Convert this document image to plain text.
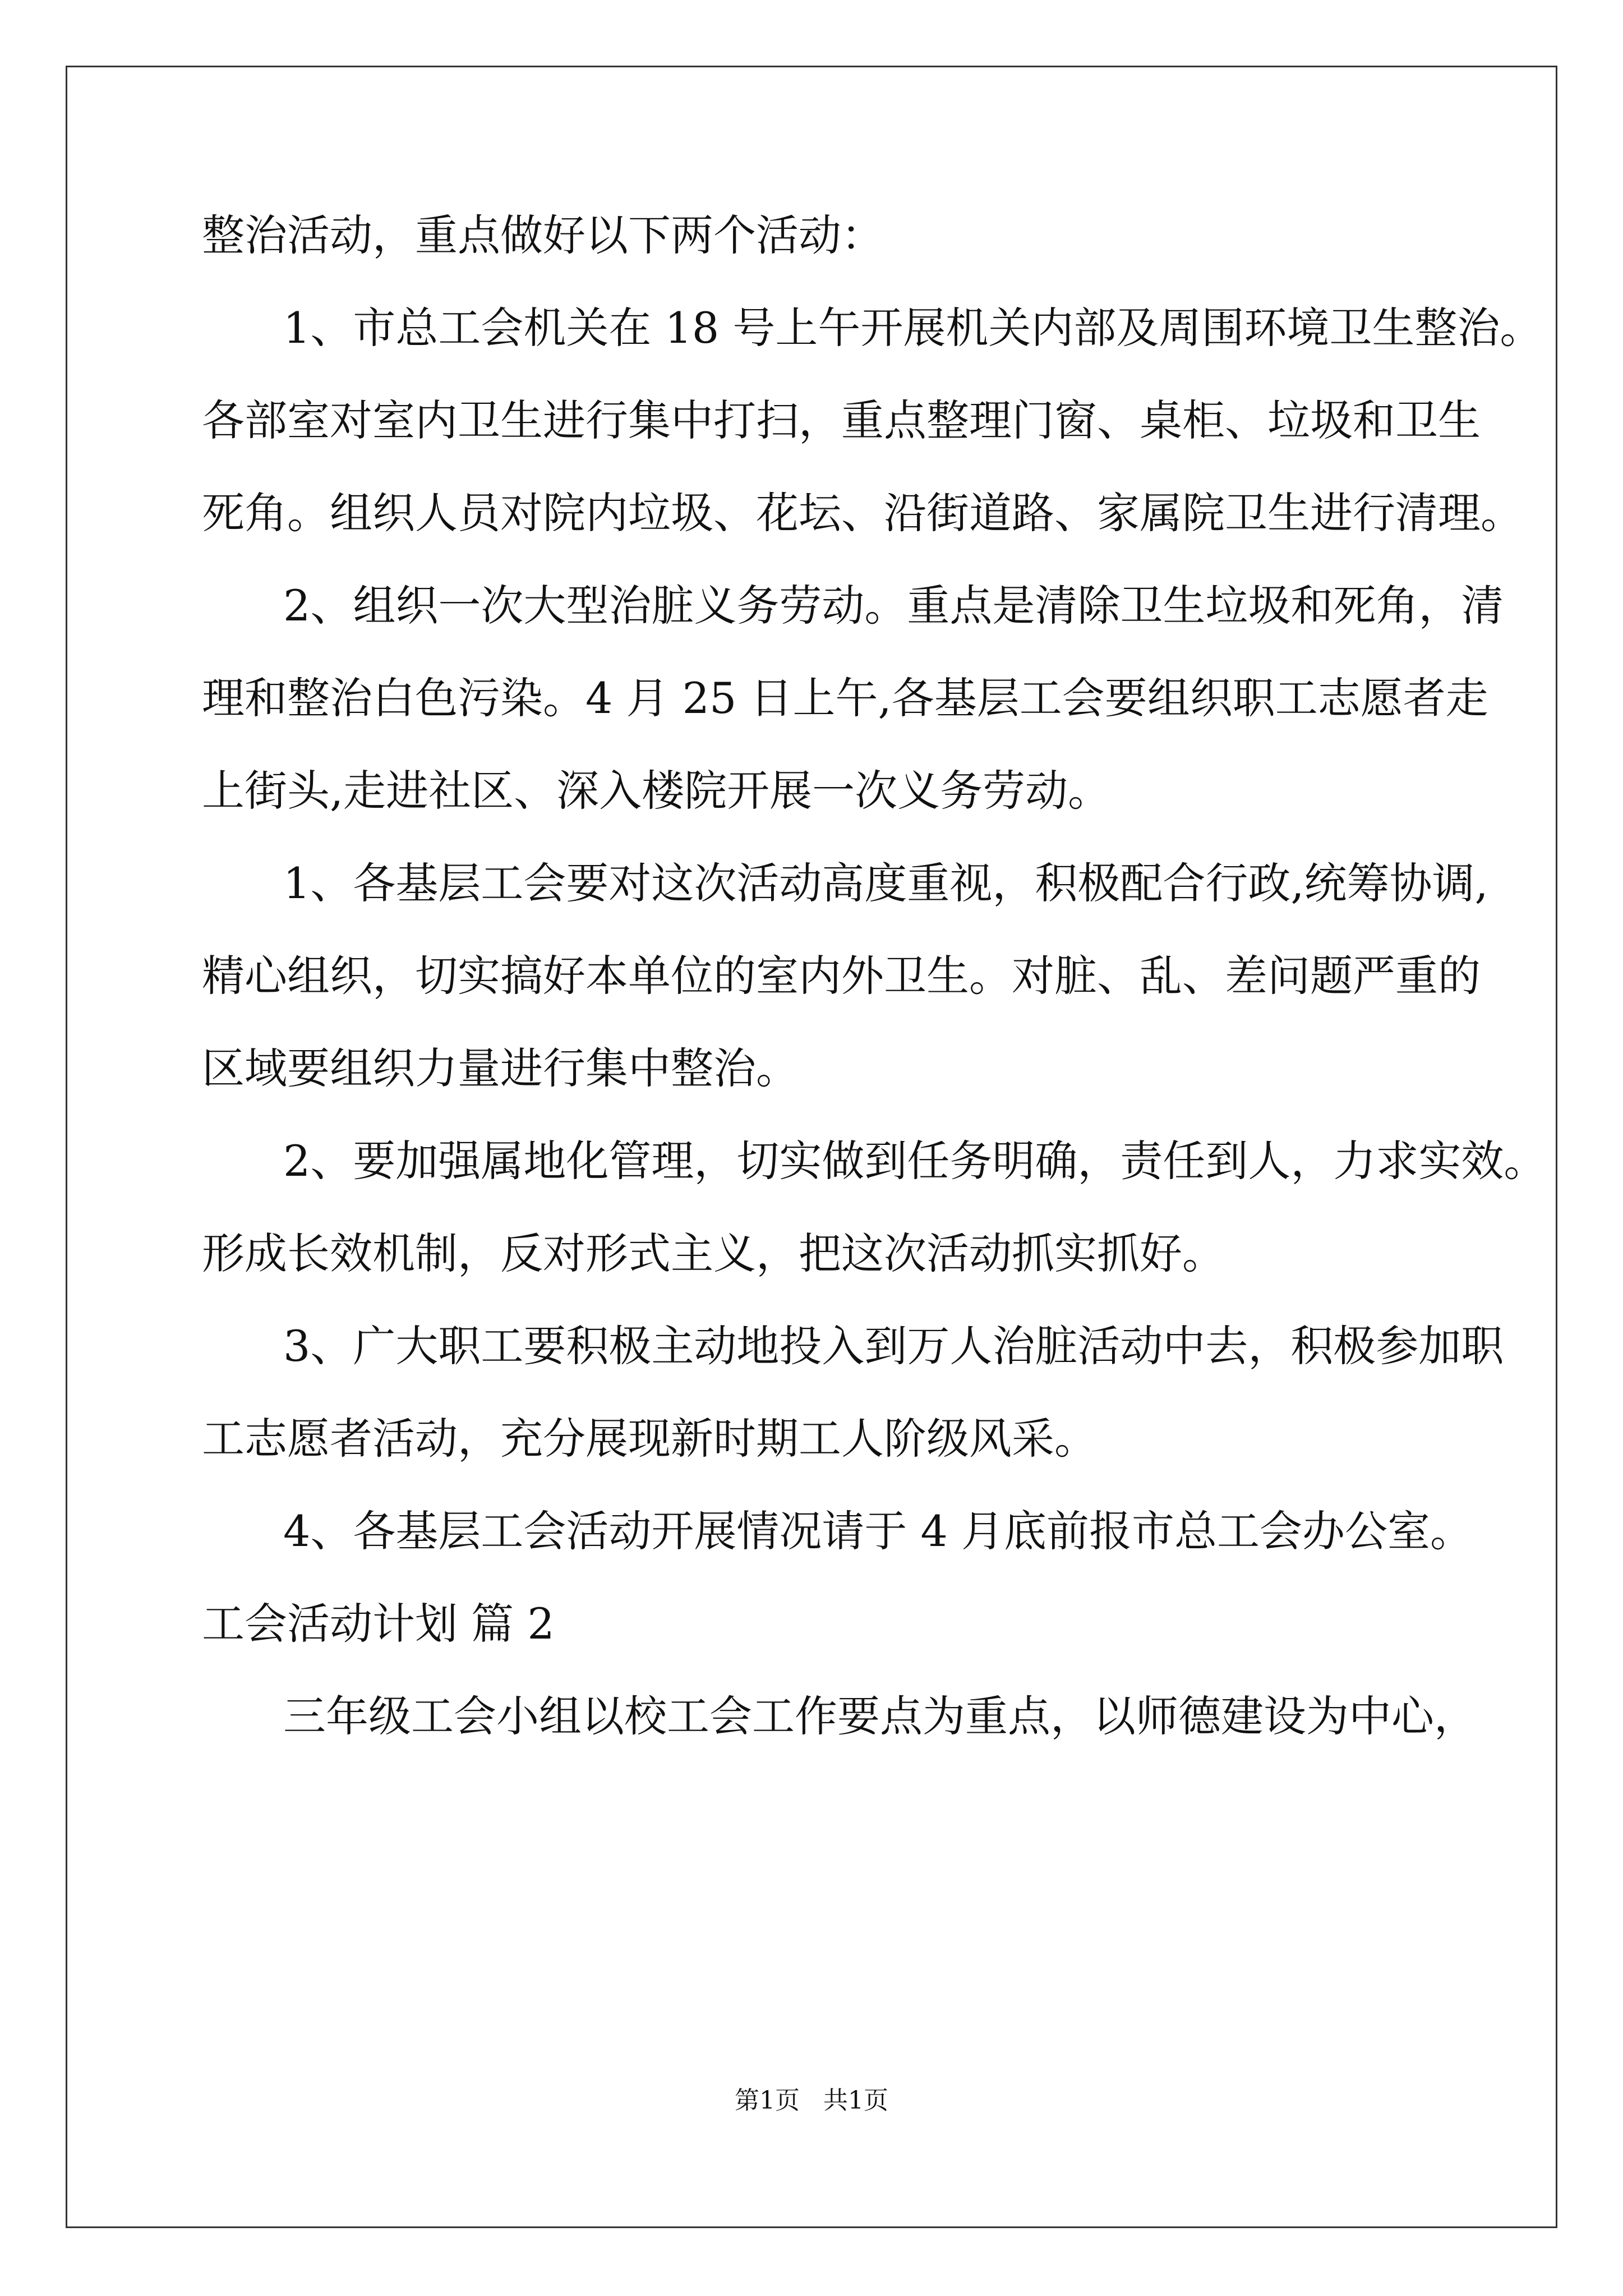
整治活动，重点做好以下两个活动：
1、市总工会机关在 18 号上午开展机关内部及周围环境卫生整治。
各部室对室内卫生进行集中打扫，重点整理门窗、桌柜、垃圾和卫生
死角。组织人员对院内垃圾、花坛、沿街道路、家属院卫生进行清理。
2、组织一次大型治脏义务劳动。重点是清除卫生垃圾和死角，清
理和整治白色污染。4 月 25 日上午,各基层工会要组织职工志愿者走
上街头,走进社区、深入楼院开展一次义务劳动。
1、各基层工会要对这次活动高度重视，积极配合行政,统筹协调,
精心组织，切实搞好本单位的室内外卫生。对脏、乱、差问题严重的
区域要组织力量进行集中整治。
2、要加强属地化管理，切实做到任务明确，责任到人，力求实效。
形成长效机制，反对形式主义，把这次活动抓实抓好。
3、广大职工要积极主动地投入到万人治脏活动中去，积极参加职
工志愿者活动，充分展现新时期工人阶级风采。
4、各基层工会活动开展情况请于 4 月底前报市总工会办公室。
工会活动计划 篇 2
三年级工会小组以校工会工作要点为重点，以师德建设为中心，
第1页   共1页
